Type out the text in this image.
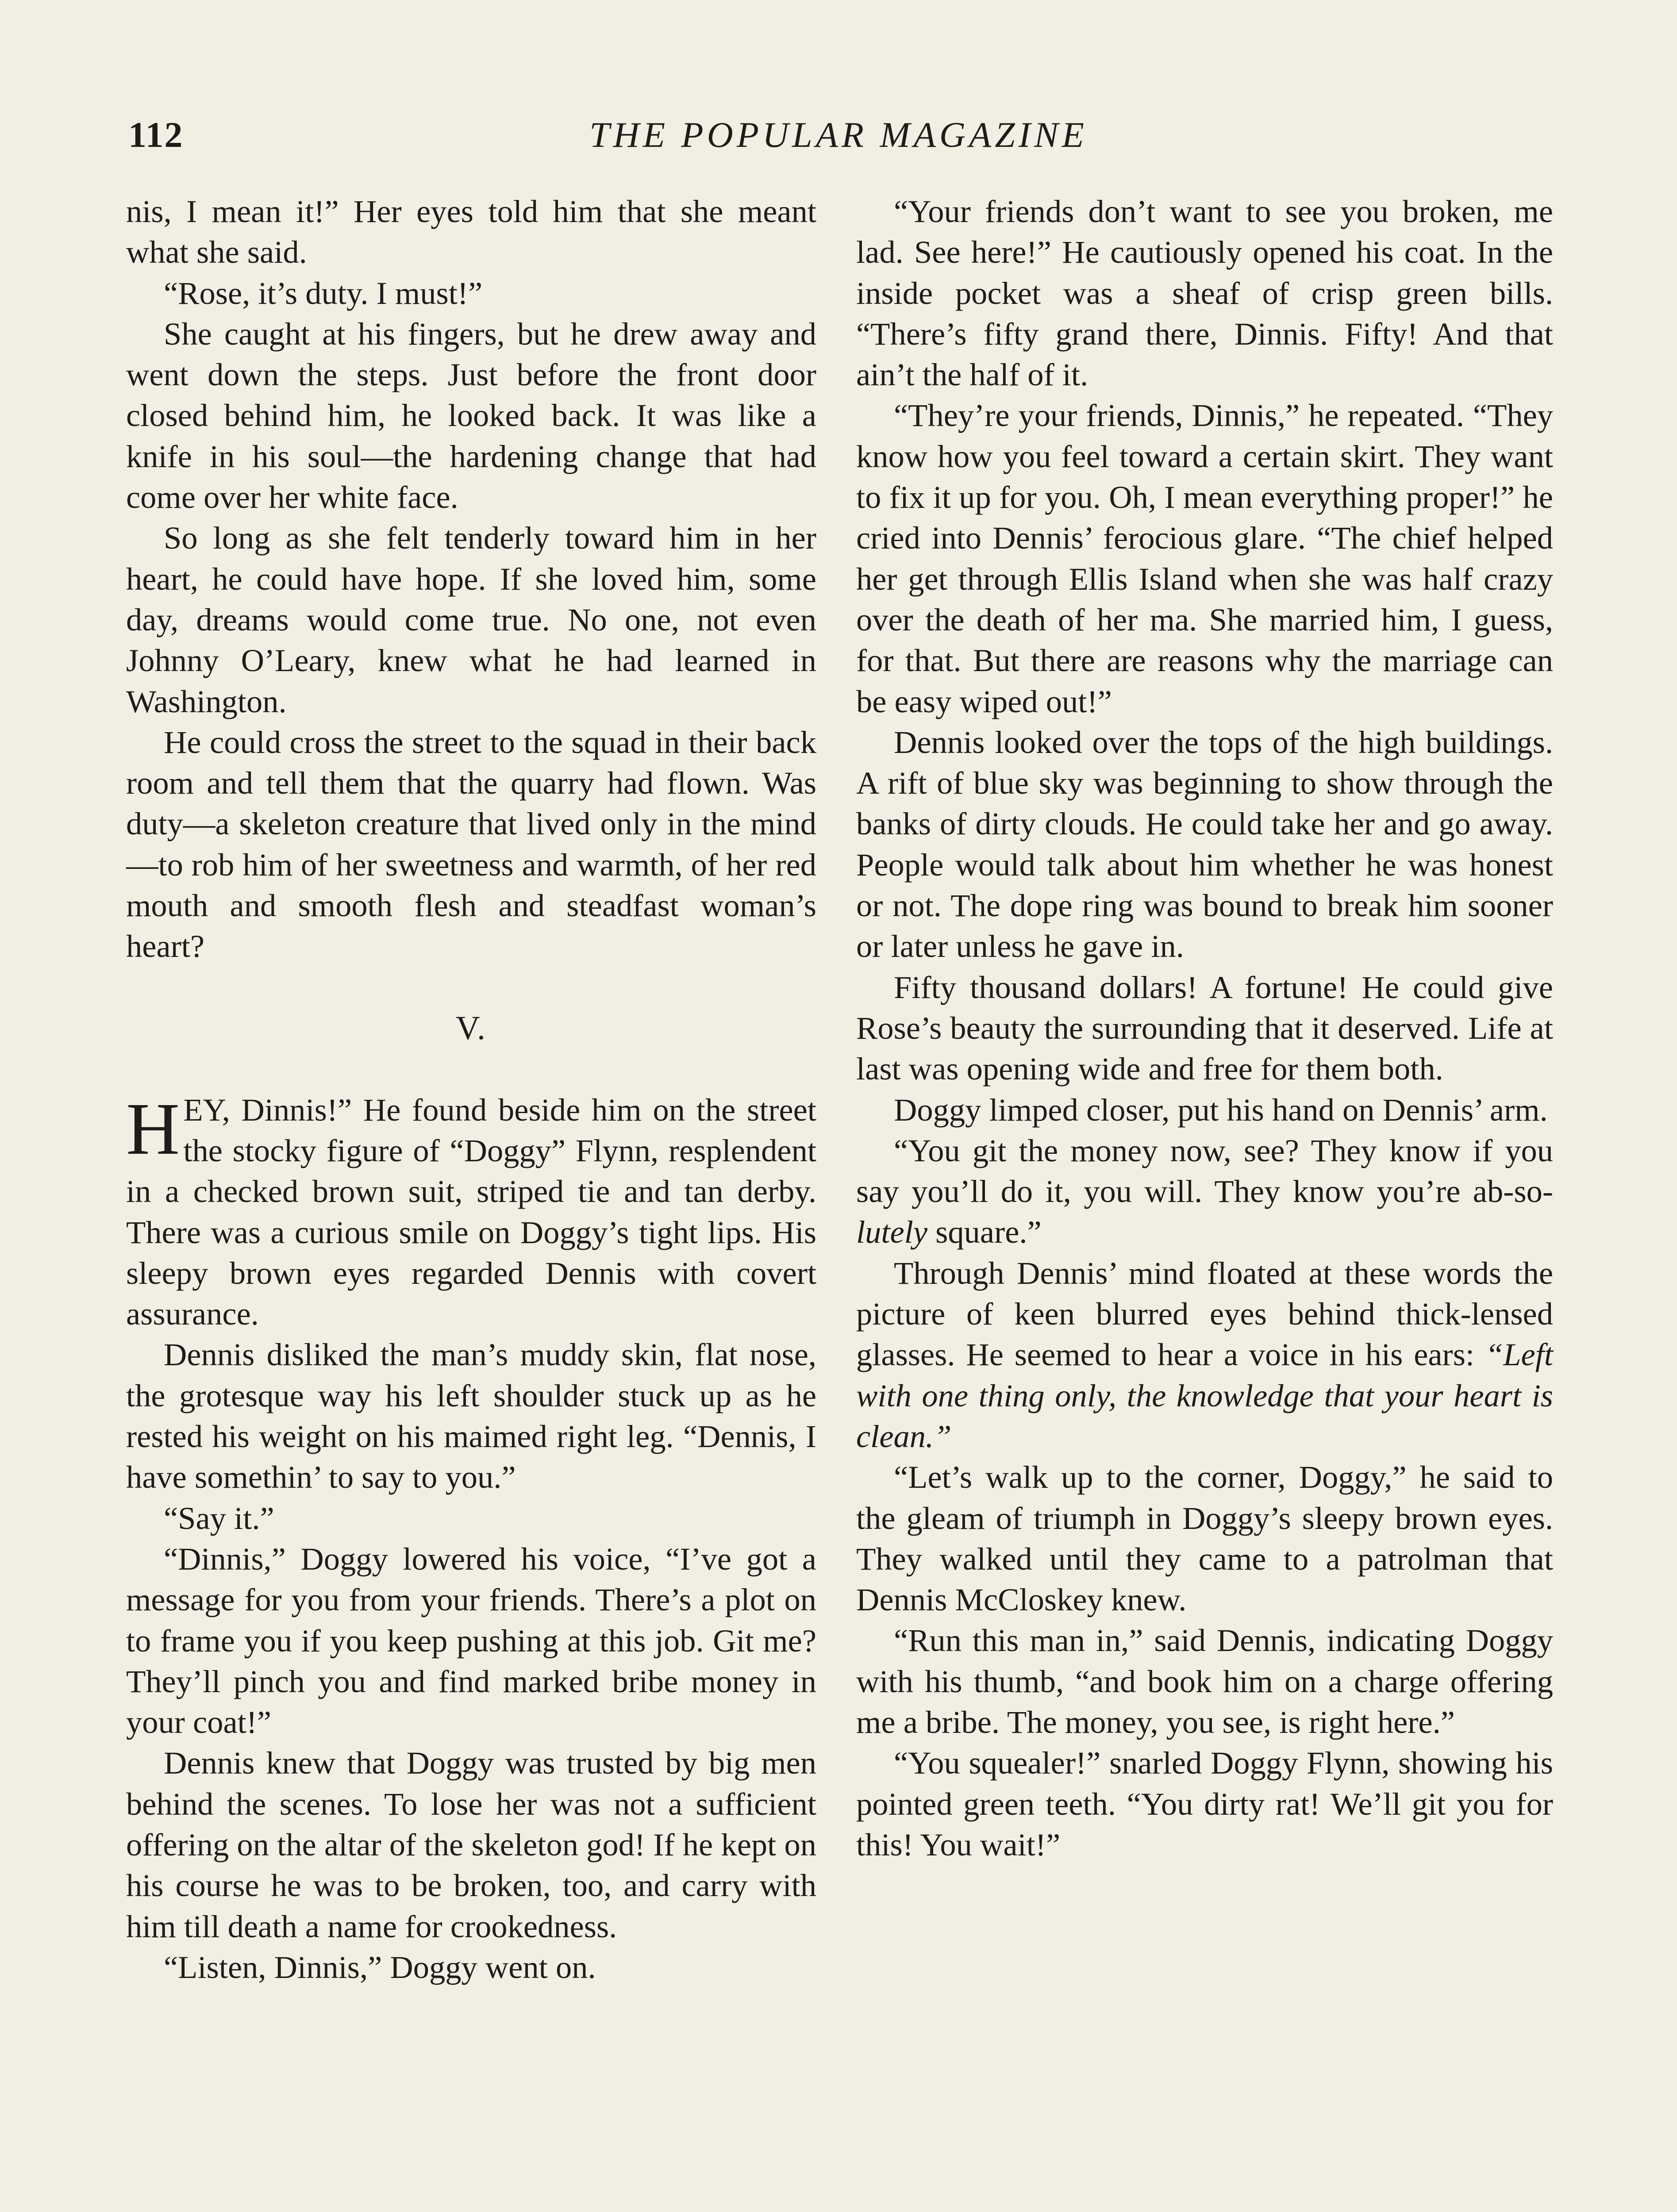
112	THE POPULAR MAGAZINE

nis, I mean it!” Her eyes told him that she meant what she said.

“Rose, it’s duty. I must!”

She caught at his fingers, but he drew away and went down the steps. Just before the front door closed behind him, he looked back. It was like a knife in his soul—the hardening change that had come over her white face.

So long as she felt tenderly toward him in her heart, he could have hope. If she loved him, some day, dreams would come true. No one, not even Johnny O’Leary, knew what he had learned in Washington.

He could cross the street to the squad in their back room and tell them that the quarry had flown. Was duty—a skeleton creature that lived only in the mind—to rob him of her sweetness and warmth, of her red mouth and smooth flesh and steadfast woman’s heart?

V.

HEY, Dinnis!” He found beside him on the street the stocky figure of “Doggy” Flynn, resplendent in a checked brown suit, striped tie and tan derby. There was a curious smile on Doggy’s tight lips. His sleepy brown eyes regarded Dennis with covert assurance.

Dennis disliked the man’s muddy skin, flat nose, the grotesque way his left shoulder stuck up as he rested his weight on his maimed right leg. “Dennis, I have somethin’ to say to you.”

“Say it.”

“Dinnis,” Doggy lowered his voice, “I’ve got a message for you from your friends. There’s a plot on to frame you if you keep pushing at this job. Git me? They’ll pinch you and find marked bribe money in your coat!”

Dennis knew that Doggy was trusted by big men behind the scenes. To lose her was not a sufficient offering on the altar of the skeleton god! If he kept on his course he was to be broken, too, and carry with him till death a name for crookedness.

“Listen, Dinnis,” Doggy went on.

“Your friends don’t want to see you broken, me lad. See here!” He cautiously opened his coat. In the inside pocket was a sheaf of crisp green bills. “There’s fifty grand there, Dinnis. Fifty! And that ain’t the half of it.

“They’re your friends, Dinnis,” he repeated. “They know how you feel toward a certain skirt. They want to fix it up for you. Oh, I mean everything proper!” he cried into Dennis’ ferocious glare. “The chief helped her get through Ellis Island when she was half crazy over the death of her ma. She married him, I guess, for that. But there are reasons why the marriage can be easy wiped out!”

Dennis looked over the tops of the high buildings. A rift of blue sky was beginning to show through the banks of dirty clouds. He could take her and go away. People would talk about him whether he was honest or not. The dope ring was bound to break him sooner or later unless he gave in.

Fifty thousand dollars! A fortune! He could give Rose’s beauty the surrounding that it deserved. Life at last was opening wide and free for them both.

Doggy limped closer, put his hand on Dennis’ arm.

“You git the money now, see? They know if you say you’ll do it, you will. They know you’re ab-so-lutely square.”

Through Dennis’ mind floated at these words the picture of keen blurred eyes behind thick-lensed glasses. He seemed to hear a voice in his ears: “Left with one thing only, the knowledge that your heart is clean.”

“Let’s walk up to the corner, Doggy,” he said to the gleam of triumph in Doggy’s sleepy brown eyes. They walked until they came to a patrolman that Dennis McCloskey knew.

“Run this man in,” said Dennis, indicating Doggy with his thumb, “and book him on a charge offering me a bribe. The money, you see, is right here.”

“You squealer!” snarled Doggy Flynn, showing his pointed green teeth. “You dirty rat! We’ll git you for this! You wait!”
